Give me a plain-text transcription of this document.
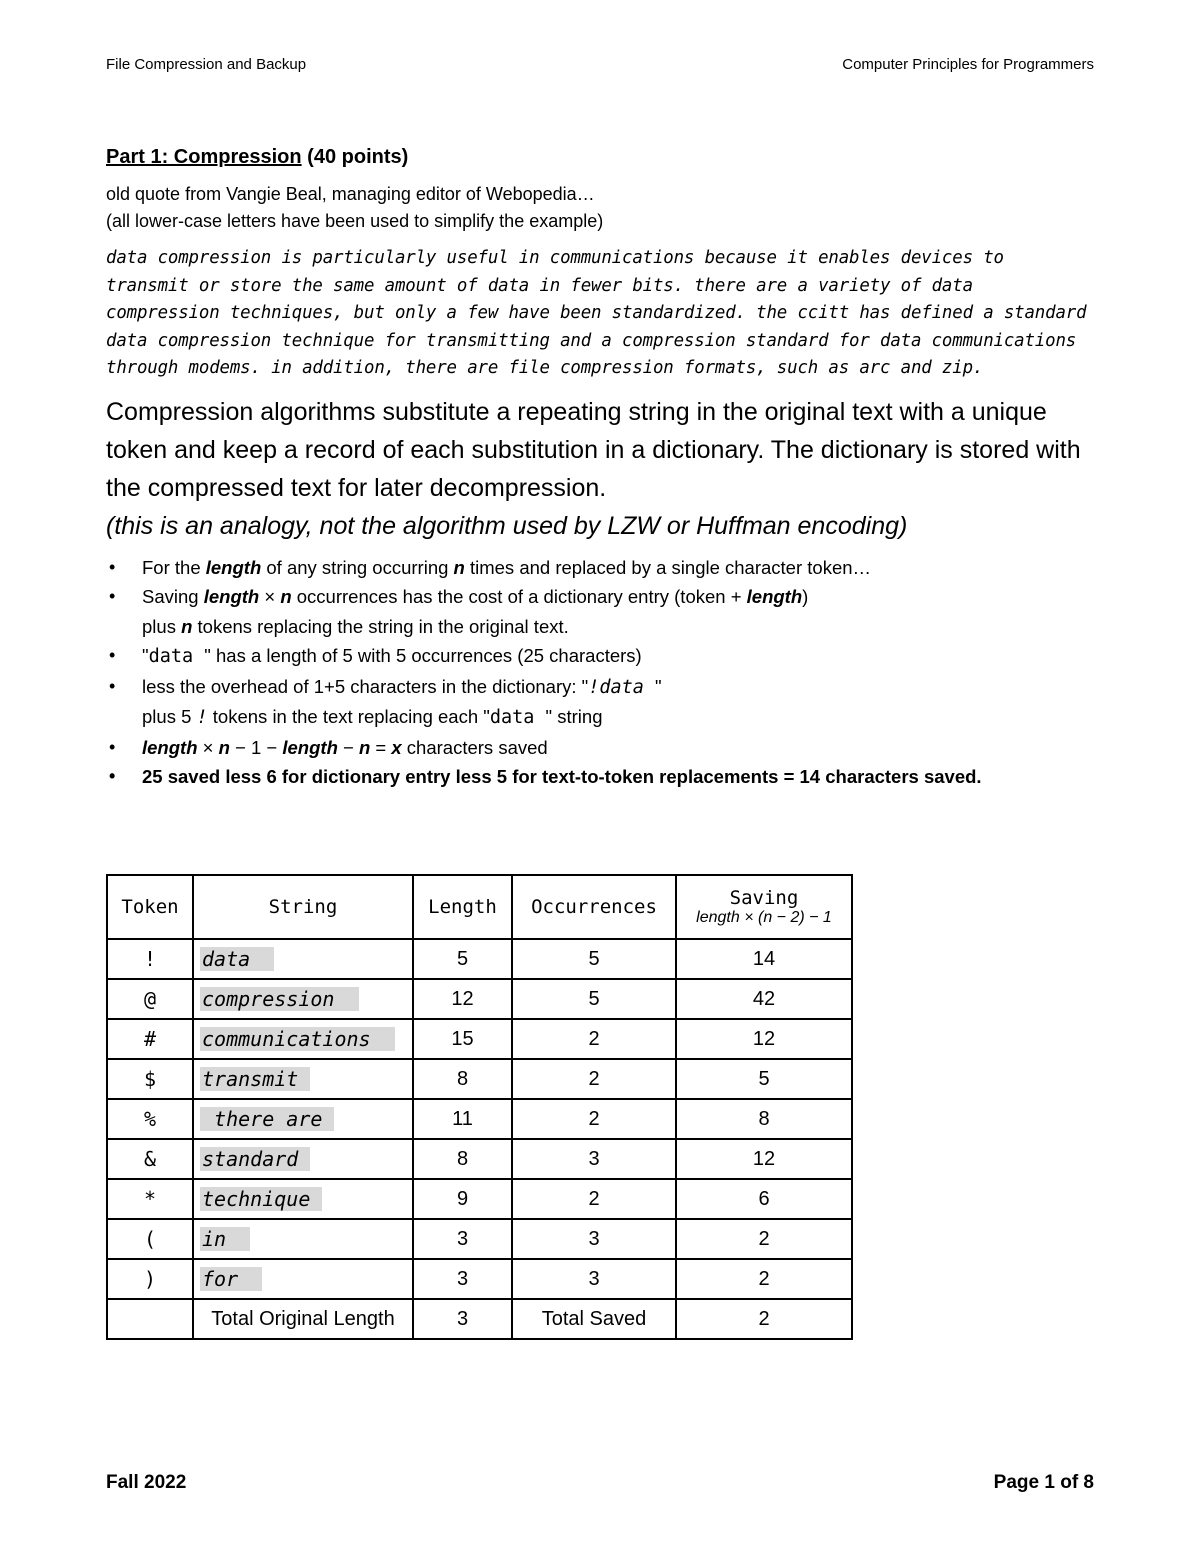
File Compression and Backup	Computer Principles for Programmers

Part 1: Compression (40 points)

old quote from Vangie Beal, managing editor of Webopedia…

(all lower-case letters have been used to simplify the example)

data compression is particularly useful in communications because it enables devices to transmit or store the same amount of data in fewer bits. there are a variety of data compression techniques, but only a few have been standardized. the ccitt has defined a standard data compression technique for transmitting and a compression standard for data communications through modems. in addition, there are file compression formats, such as arc and zip.

Compression algorithms substitute a repeating string in the original text with a unique token and keep a record of each substitution in a dictionary. The dictionary is stored with the compressed text for later decompression.

(this is an analogy, not the algorithm used by LZW or Huffman encoding)

• For the length of any string occurring n times and replaced by a single character token…
• Saving length × n occurrences has the cost of a dictionary entry (token + length)
plus n tokens replacing the string in the original text.
• "data " has a length of 5 with 5 occurrences (25 characters)
• less the overhead of 1+5 characters in the dictionary: "!data "
plus 5 ! tokens in the text replacing each "data " string
• length × n − 1 − length − n = x characters saved
• 25 saved less 6 for dictionary entry less 5 for text-to-token replacements = 14 characters saved.
Token	String	Length	Occurrences	Saving
length × (n − 2) − 1

!	data	5	5	14
@	compression	12	5	42
#	communications	15	2	12
$	transmit	8	2	5
%	there are	11	2	8
&	standard	8	3	12
*	technique	9	2	6
(	in	3	3	2
)	for	3	3	2
	Total Original Length	3	Total Saved	2
Fall 2022	Page 1 of 8
